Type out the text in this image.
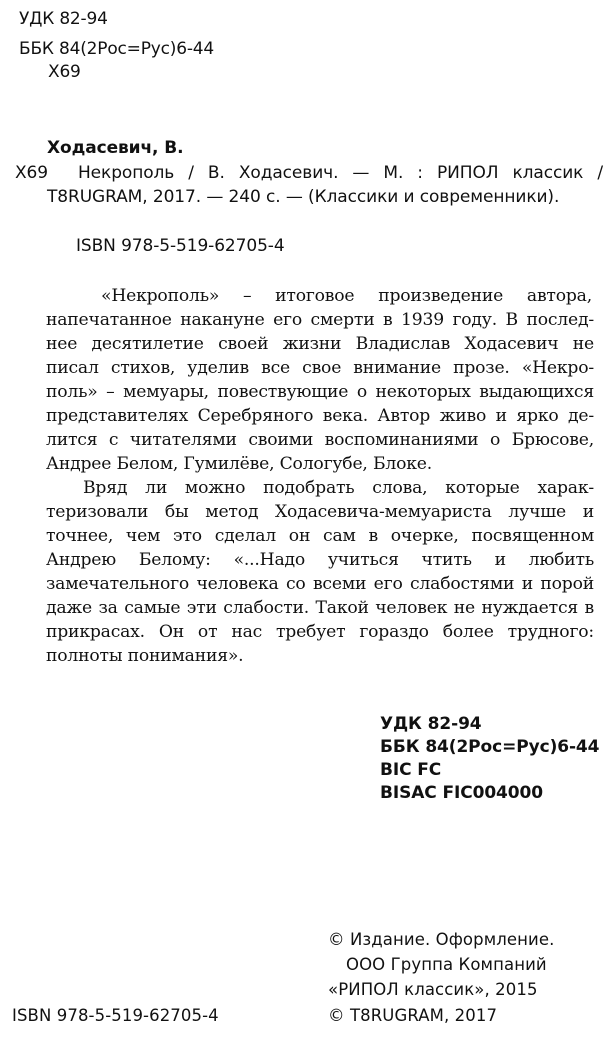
УДК 82-94
ББК 84(2Рос=Рус)6-44
Х69
Ходасевич, В.
Х69 Некрополь / В. Ходасевич. — М. : РИПОЛ классик /
T8RUGRAM, 2017. — 240 с. — (Классики и современники).
ISBN 978-5-519-62705-4
«Некрополь» – итоговое произведение автора,
напечатанное накануне его смерти в 1939 году. В послед-
нее десятилетие своей жизни Владислав Ходасевич не
писал стихов, уделив все свое внимание прозе. «Некро-
поль» – мемуары, повествующие о некоторых выдающихся
представителях Серебряного века. Автор живо и ярко де-
лится с читателями своими воспоминаниями о Брюсове,
Андрее Белом, Гумилёве, Сологубе, Блоке.
Вряд ли можно подобрать слова, которые харак-
теризовали бы метод Ходасевича-мемуариста лучше и
точнее, чем это сделал он сам в очерке, посвященном
Андрею Белому: «...Надо учиться чтить и любить
замечательного человека со всеми его слабостями и порой
даже за самые эти слабости. Такой человек не нуждается в
прикрасах. Он от нас требует гораздо более трудного:
полноты понимания».
УДК 82-94
ББК 84(2Рос=Рус)6-44
BIC FC
BISAC FIC004000
© Издание. Оформление.
ООО Группа Компаний
«РИПОЛ классик», 2015
© T8RUGRAM, 2017
ISBN 978-5-519-62705-4
